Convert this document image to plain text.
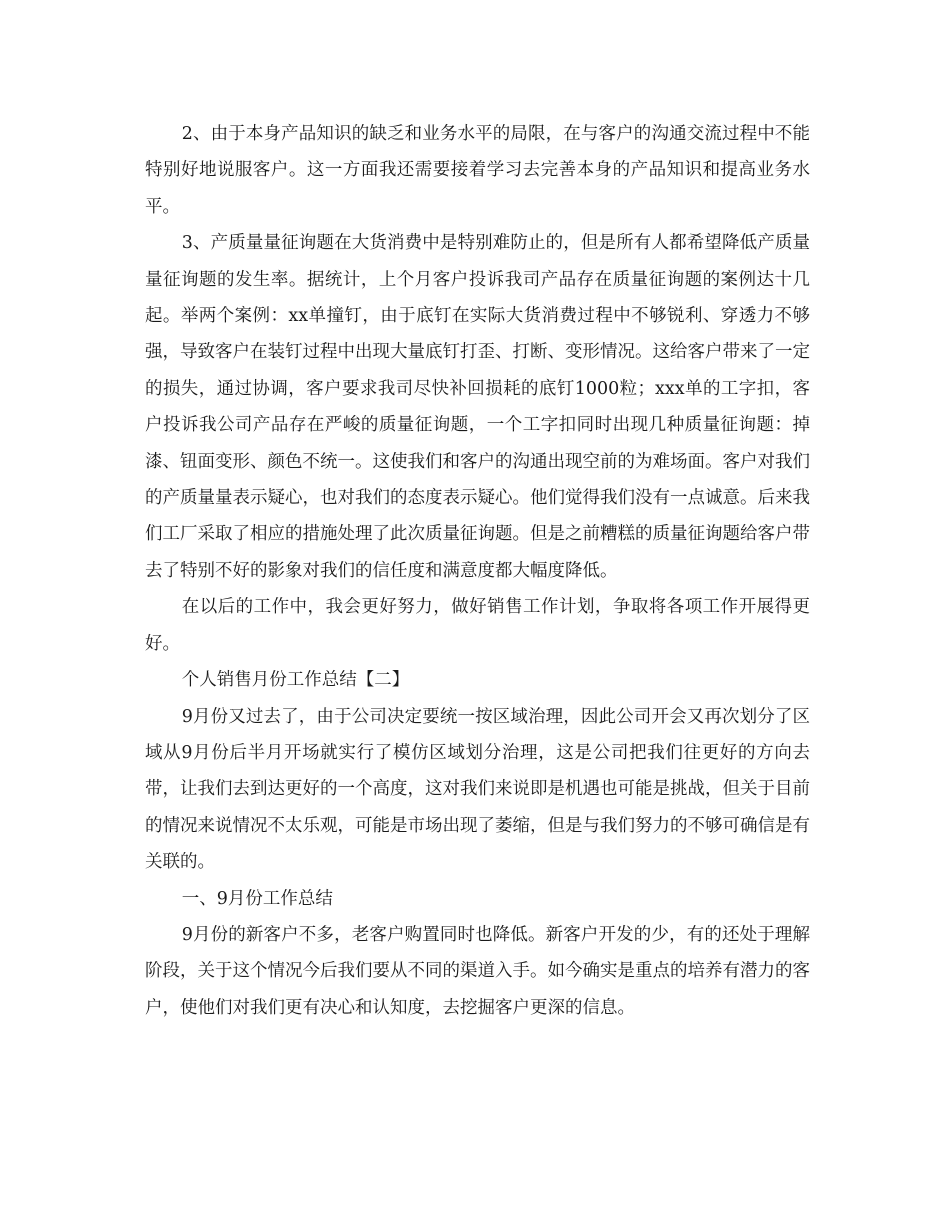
2、由于本身产品知识的缺乏和业务水平的局限，在与客户的沟通交流过程中不能特别好地说服客户。这一方面我还需要接着学习去完善本身的产品知识和提高业务水平。

3、产质量量征询题在大货消费中是特别难防止的，但是所有人都希望降低产质量量征询题的发生率。据统计，上个月客户投诉我司产品存在质量征询题的案例达十几起。举两个案例：xx单撞钉，由于底钉在实际大货消费过程中不够锐利、穿透力不够强，导致客户在装钉过程中出现大量底钉打歪、打断、变形情况。这给客户带来了一定的损失，通过协调，客户要求我司尽快补回损耗的底钉1000粒；xxx单的工字扣，客户投诉我公司产品存在严峻的质量征询题，一个工字扣同时出现几种质量征询题：掉漆、钮面变形、颜色不统一。这使我们和客户的沟通出现空前的为难场面。客户对我们的产质量量表示疑心，也对我们的态度表示疑心。他们觉得我们没有一点诚意。后来我们工厂采取了相应的措施处理了此次质量征询题。但是之前糟糕的质量征询题给客户带去了特别不好的影象对我们的信任度和满意度都大幅度降低。

在以后的工作中，我会更好努力，做好销售工作计划，争取将各项工作开展得更好。

个人销售月份工作总结【二】

9月份又过去了，由于公司决定要统一按区域治理，因此公司开会又再次划分了区域从9月份后半月开场就实行了模仿区域划分治理，这是公司把我们往更好的方向去带，让我们去到达更好的一个高度，这对我们来说即是机遇也可能是挑战，但关于目前的情况来说情况不太乐观，可能是市场出现了萎缩，但是与我们努力的不够可确信是有关联的。

一、9月份工作总结

9月份的新客户不多，老客户购置同时也降低。新客户开发的少，有的还处于理解阶段，关于这个情况今后我们要从不同的渠道入手。如今确实是重点的培养有潜力的客户，使他们对我们更有决心和认知度，去挖掘客户更深的信息。
